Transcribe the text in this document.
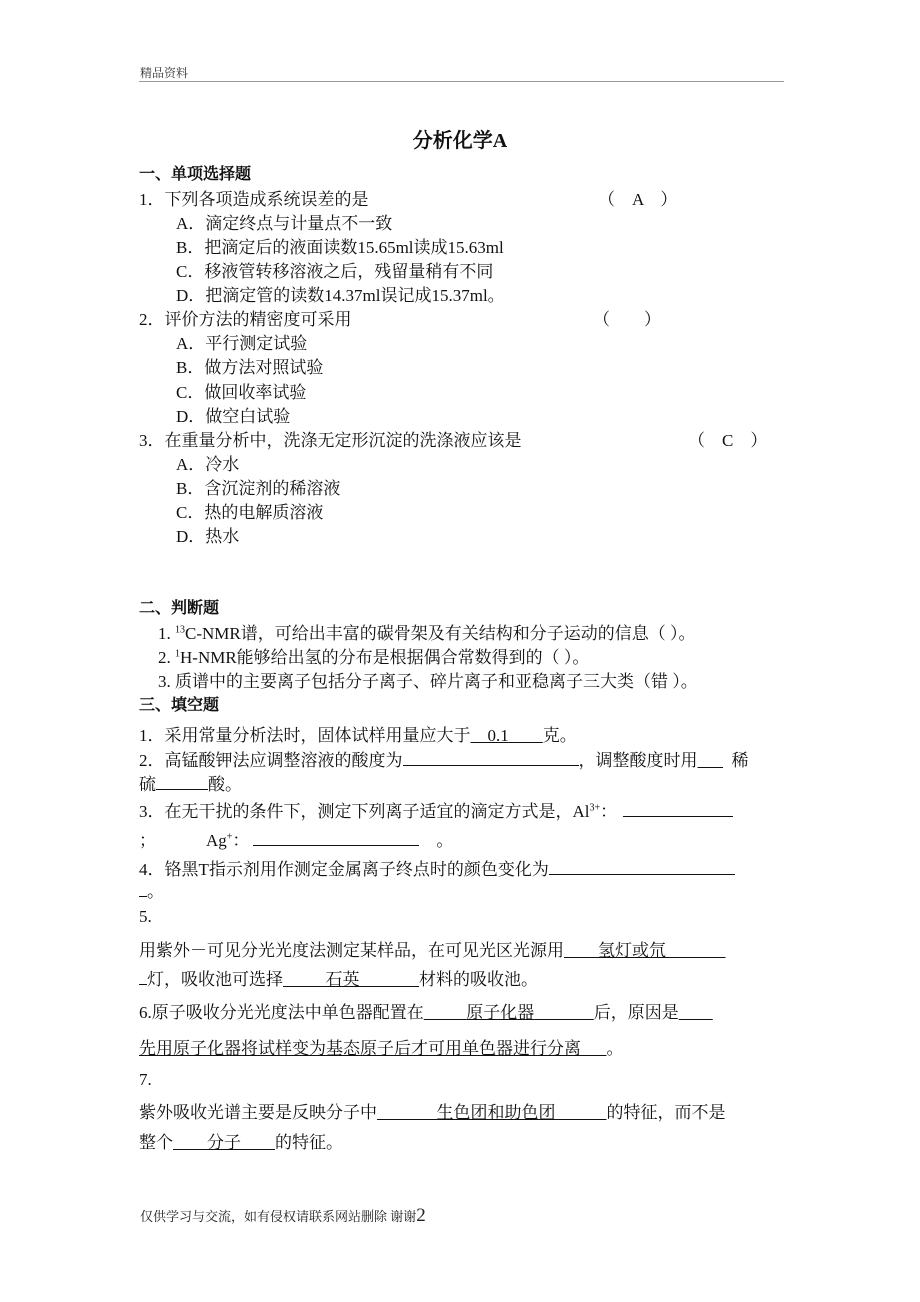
精品资料
分析化学A
一、单项选择题
1．下列各项造成系统误差的是	（　A　）
A．滴定终点与计量点不一致
B．把滴定后的液面读数15.65ml读成15.63ml
C．移液管转移溶液之后，残留量稍有不同
D．把滴定管的读数14.37ml误记成15.37ml。
2．评价方法的精密度可采用	（　　）
A．平行测定试验
B．做方法对照试验
C．做回收率试验
D．做空白试验
3．在重量分析中，洗涤无定形沉淀的洗涤液应该是	（　C　）
A．冷水
B．含沉淀剂的稀溶液
C．热的电解质溶液
D．热水
二、判断题
1. $^{13}$C-NMR谱，可给出丰富的碳骨架及有关结构和分子运动的信息（ ）。
2. $^1$H-NMR能够给出氢的分布是根据偶合常数得到的（ ）。
3. 质谱中的主要离子包括分子离子、碎片离子和亚稳离子三大类（错 ）。
三、填空题
1．采用常量分析法时，固体试样用量应大于   0.1     克。
2．高锰酸钾法应调整溶液的酸度为	，调整酸度时用     稀
硫	酸。
3．在无干扰的条件下，测定下列离子适宜的滴定方式是，$Al^{3+}$：
；	Ag+：  	。
4．铬黑T指示剂用作测定金属离子终点时的颜色变化为
。
5.
用紫外－可见分光光度法测定某样品，在可见光区光源用     氢灯或氘       
灯，吸收池可选择     	石英       	材料的吸收池。
6.原子吸收分光光度法中单色器配置在     	原子化器       	后，原因是    
先用原子化器将试样变为基态原子后才可用单色器进行分离    。
7.
紫外吸收光谱主要是反映分子中       	生色团和助色团      	的特征，而不是
整个     分子     的特征。
仅供学习与交流，如有侵权请联系网站删除 谢谢2
